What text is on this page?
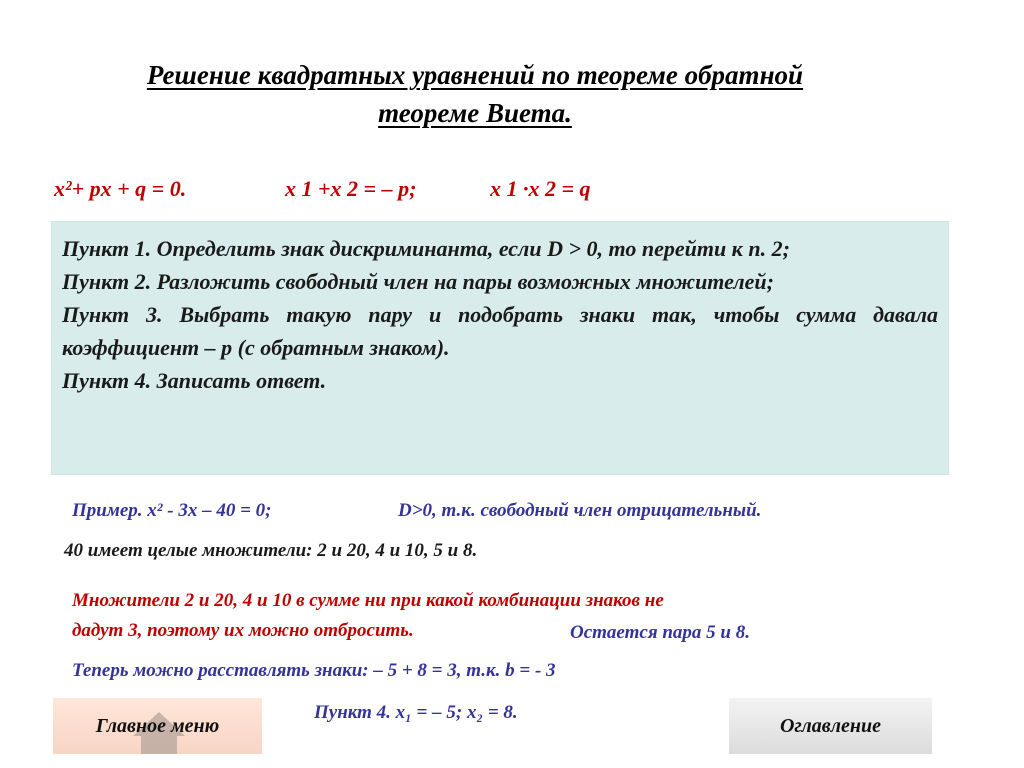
Решение квадратных уравнений по теореме обратной
теореме Виета.
x²+ px + q = 0.	x 1 +x 2 = – p;	x 1 ·x 2 = q

Пункт 1. Определить знак дискриминанта, если D > 0, то перейти к п. 2;

Пункт 2. Разложить свободный член на пары возможных множителей;

Пункт 3. Выбрать такую пару и подобрать знаки так, чтобы сумма давала коэффициент – p (с обратным знаком).

Пункт 4. Записать ответ.

Пример. x² - 3x – 40 = 0;	D>0, т.к. свободный член отрицательный.
40 имеет целые множители: 2 и 20, 4 и 10, 5 и 8.
Множители 2 и 20, 4 и 10 в сумме ни при какой комбинации знаков не
дадут 3, поэтому их можно отбросить.	Остается пара 5 и 8.
Теперь можно расставлять знаки: – 5 + 8 = 3, т.к. b = - 3
Пункт 4. x₁ = – 5; x₂ = 8.
Главное меню	Оглавление
